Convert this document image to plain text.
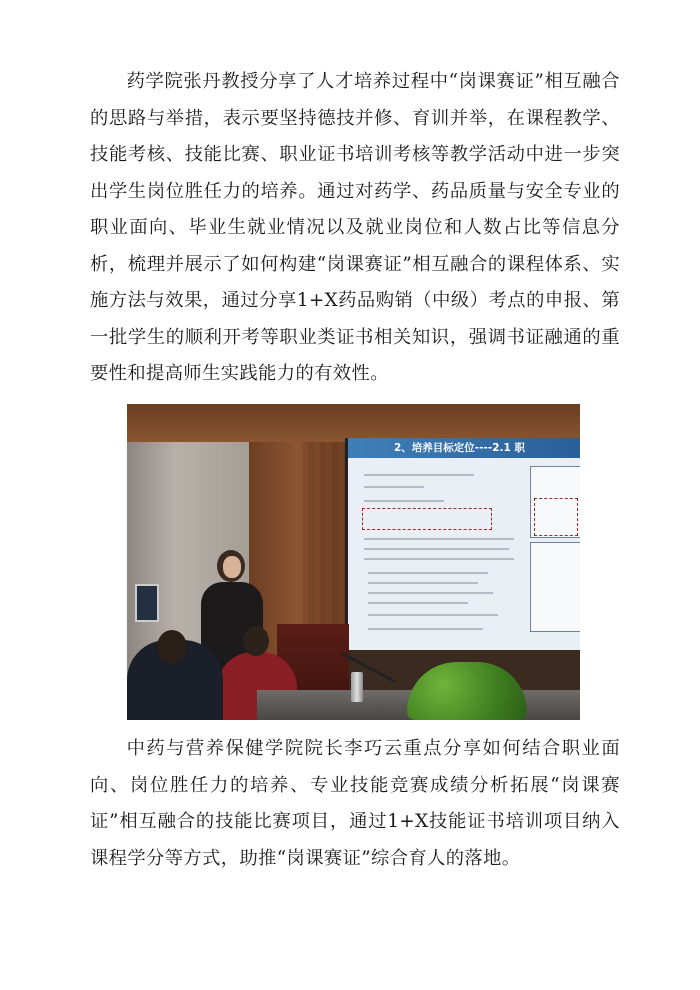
药学院张丹教授分享了人才培养过程中“岗课赛证”相互融合的思路与举措，表示要坚持德技并修、育训并举，在课程教学、技能考核、技能比赛、职业证书培训考核等教学活动中进一步突出学生岗位胜任力的培养。通过对药学、药品质量与安全专业的职业面向、毕业生就业情况以及就业岗位和人数占比等信息分析，梳理并展示了如何构建“岗课赛证”相互融合的课程体系、实施方法与效果，通过分享1+X药品购销（中级）考点的申报、第一批学生的顺利开考等职业类证书相关知识，强调书证融通的重要性和提高师生实践能力的有效性。

2、培养目标定位----2.1 职

中药与营养保健学院院长李巧云重点分享如何结合职业面向、岗位胜任力的培养、专业技能竞赛成绩分析拓展“岗课赛证”相互融合的技能比赛项目，通过1+X技能证书培训项目纳入课程学分等方式，助推“岗课赛证”综合育人的落地。
